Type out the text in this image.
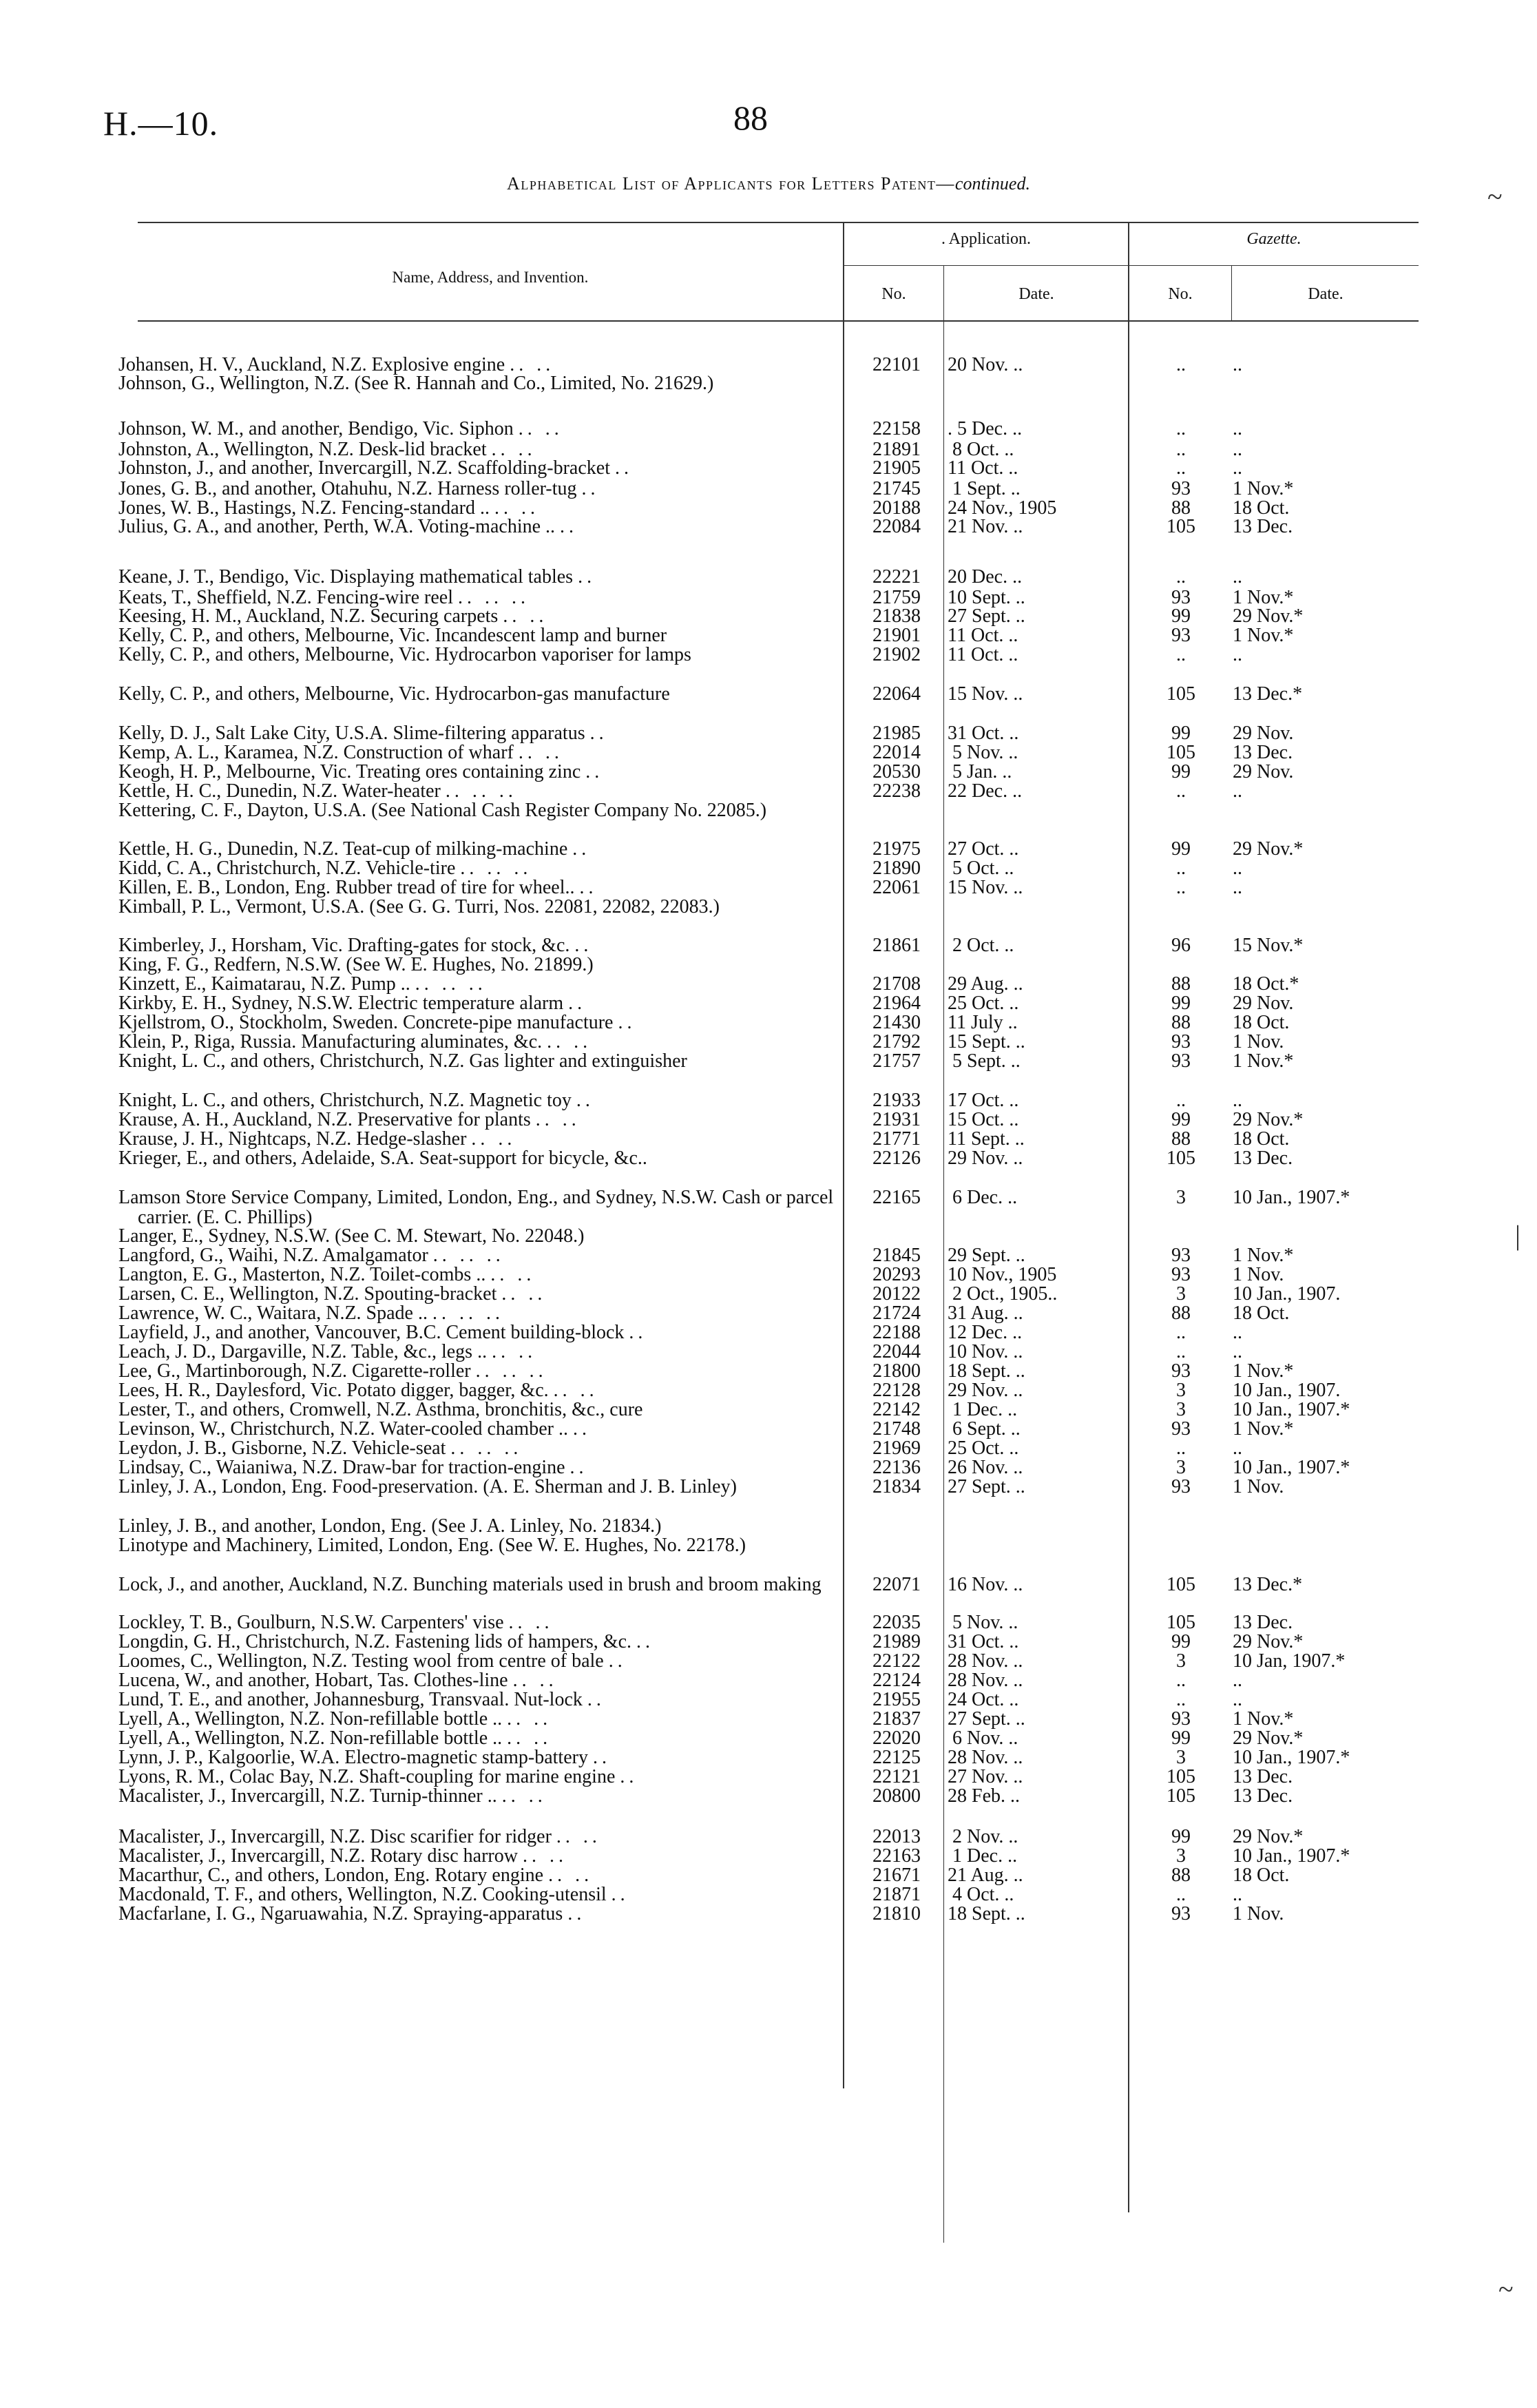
H.—10.	88
Alphabetical List of Applicants for Letters Patent—continued.
Name, Address, and Invention.
. Application.	Gazette.
No.	Date.	No.	Date.
Johansen, H. V., Auckland, N.Z. Explosive engine .. ..	22101	20 Nov. ..	..	..
Johnson, G., Wellington, N.Z. (See R. Hannah and Co., Limited, No. 21629.)
Johnson, W. M., and another, Bendigo, Vic. Siphon .. ..	22158	. 5 Dec. ..	..	..
Johnston, A., Wellington, N.Z. Desk-lid bracket .. ..	21891	8 Oct. ..	..	..
Johnston, J., and another, Invercargill, N.Z. Scaffolding-bracket ..	21905	11 Oct. ..	..	..
Jones, G. B., and another, Otahuhu, N.Z. Harness roller-tug ..	21745	1 Sept. ..	93	1 Nov.*
Jones, W. B., Hastings, N.Z. Fencing-standard .. .. ..	20188	24 Nov., 1905	88	18 Oct.
Julius, G. A., and another, Perth, W.A. Voting-machine .. ..	22084	21 Nov. ..	105	13 Dec.
Keane, J. T., Bendigo, Vic. Displaying mathematical tables ..	22221	20 Dec. ..	..	..
Keats, T., Sheffield, N.Z. Fencing-wire reel .. .. ..	21759	10 Sept. ..	93	1 Nov.*
Keesing, H. M., Auckland, N.Z. Securing carpets .. ..	21838	27 Sept. ..	99	29 Nov.*
Kelly, C. P., and others, Melbourne, Vic. Incandescent lamp and burner	21901	11 Oct. ..	93	1 Nov.*
Kelly, C. P., and others, Melbourne, Vic. Hydrocarbon vaporiser for lamps	21902	11 Oct. ..	..	..
Kelly, C. P., and others, Melbourne, Vic. Hydrocarbon-gas manufacture	22064	15 Nov. ..	105	13 Dec.*
Kelly, D. J., Salt Lake City, U.S.A. Slime-filtering apparatus ..	21985	31 Oct. ..	99	29 Nov.
Kemp, A. L., Karamea, N.Z. Construction of wharf .. ..	22014	5 Nov. ..	105	13 Dec.
Keogh, H. P., Melbourne, Vic. Treating ores containing zinc ..	20530	5 Jan. ..	99	29 Nov.
Kettle, H. C., Dunedin, N.Z. Water-heater .. .. ..	22238	22 Dec. ..	..	..
Kettering, C. F., Dayton, U.S.A. (See National Cash Register Company No. 22085.)
Kettle, H. G., Dunedin, N.Z. Teat-cup of milking-machine ..	21975	27 Oct. ..	99	29 Nov.*
Kidd, C. A., Christchurch, N.Z. Vehicle-tire .. .. ..	21890	5 Oct. ..	..	..
Killen, E. B., London, Eng. Rubber tread of tire for wheel.. ..	22061	15 Nov. ..	..	..
Kimball, P. L., Vermont, U.S.A. (See G. G. Turri, Nos. 22081, 22082, 22083.)
Kimberley, J., Horsham, Vic. Drafting-gates for stock, &c. ..	21861	2 Oct. ..	96	15 Nov.*
King, F. G., Redfern, N.S.W. (See W. E. Hughes, No. 21899.)
Kinzett, E., Kaimatarau, N.Z. Pump .. .. .. ..	21708	29 Aug. ..	88	18 Oct.*
Kirkby, E. H., Sydney, N.S.W. Electric temperature alarm ..	21964	25 Oct. ..	99	29 Nov.
Kjellstrom, O., Stockholm, Sweden. Concrete-pipe manufacture ..	21430	11 July ..	88	18 Oct.
Klein, P., Riga, Russia. Manufacturing aluminates, &c. .. ..	21792	15 Sept. ..	93	1 Nov.
Knight, L. C., and others, Christchurch, N.Z. Gas lighter and extinguisher	21757	5 Sept. ..	93	1 Nov.*
Knight, L. C., and others, Christchurch, N.Z. Magnetic toy ..	21933	17 Oct. ..	..	..
Krause, A. H., Auckland, N.Z. Preservative for plants .. ..	21931	15 Oct. ..	99	29 Nov.*
Krause, J. H., Nightcaps, N.Z. Hedge-slasher .. ..	21771	11 Sept. ..	88	18 Oct.
Krieger, E., and others, Adelaide, S.A. Seat-support for bicycle, &c..	22126	29 Nov. ..	105	13 Dec.
Lamson Store Service Company, Limited, London, Eng., and Sydney, N.S.W. Cash or parcel carrier. (E. C. Phillips)
22165	6 Dec. ..	3	10 Jan., 1907.*
Langer, E., Sydney, N.S.W. (See C. M. Stewart, No. 22048.)
Langford, G., Waihi, N.Z. Amalgamator .. .. ..	21845	29 Sept. ..	93	1 Nov.*
Langton, E. G., Masterton, N.Z. Toilet-combs .. .. ..	20293	10 Nov., 1905	93	1 Nov.
Larsen, C. E., Wellington, N.Z. Spouting-bracket .. ..	20122	2 Oct., 1905..	3	10 Jan., 1907.
Lawrence, W. C., Waitara, N.Z. Spade .. .. .. ..	21724	31 Aug. ..	88	18 Oct.
Layfield, J., and another, Vancouver, B.C. Cement building-block ..	22188	12 Dec. ..	..	..
Leach, J. D., Dargaville, N.Z. Table, &c., legs .. .. ..	22044	10 Nov. ..	..	..
Lee, G., Martinborough, N.Z. Cigarette-roller .. .. ..	21800	18 Sept. ..	93	1 Nov.*
Lees, H. R., Daylesford, Vic. Potato digger, bagger, &c. .. ..	22128	29 Nov. ..	3	10 Jan., 1907.
Lester, T., and others, Cromwell, N.Z. Asthma, bronchitis, &c., cure	22142	1 Dec. ..	3	10 Jan., 1907.*
Levinson, W., Christchurch, N.Z. Water-cooled chamber .. ..	21748	6 Sept. ..	93	1 Nov.*
Leydon, J. B., Gisborne, N.Z. Vehicle-seat .. .. ..	21969	25 Oct. ..	..	..
Lindsay, C., Waianiwa, N.Z. Draw-bar for traction-engine ..	22136	26 Nov. ..	3	10 Jan., 1907.*
Linley, J. A., London, Eng. Food-preservation. (A. E. Sherman and J. B. Linley)	21834	27 Sept. ..	93	1 Nov.
Linley, J. B., and another, London, Eng. (See J. A. Linley, No. 21834.)
Linotype and Machinery, Limited, London, Eng. (See W. E. Hughes, No. 22178.)
Lock, J., and another, Auckland, N.Z. Bunching materials used in brush and broom making	22071	16 Nov. ..	105	13 Dec.*
Lockley, T. B., Goulburn, N.S.W. Carpenters' vise .. ..	22035	5 Nov. ..	105	13 Dec.
Longdin, G. H., Christchurch, N.Z. Fastening lids of hampers, &c. ..	21989	31 Oct. ..	99	29 Nov.*
Loomes, C., Wellington, N.Z. Testing wool from centre of bale ..	22122	28 Nov. ..	3	10 Jan, 1907.*
Lucena, W., and another, Hobart, Tas. Clothes-line .. ..	22124	28 Nov. ..	..	..
Lund, T. E., and another, Johannesburg, Transvaal. Nut-lock ..	21955	24 Oct. ..	..	..
Lyell, A., Wellington, N.Z. Non-refillable bottle .. .. ..	21837	27 Sept. ..	93	1 Nov.*
Lyell, A., Wellington, N.Z. Non-refillable bottle .. .. ..	22020	6 Nov. ..	99	29 Nov.*
Lynn, J. P., Kalgoorlie, W.A. Electro-magnetic stamp-battery ..	22125	28 Nov. ..	3	10 Jan., 1907.*
Lyons, R. M., Colac Bay, N.Z. Shaft-coupling for marine engine ..	22121	27 Nov. ..	105	13 Dec.
Macalister, J., Invercargill, N.Z. Turnip-thinner .. .. ..	20800	28 Feb. ..	105	13 Dec.
Macalister, J., Invercargill, N.Z. Disc scarifier for ridger .. ..	22013	2 Nov. ..	99	29 Nov.*
Macalister, J., Invercargill, N.Z. Rotary disc harrow .. ..	22163	1 Dec. ..	3	10 Jan., 1907.*
Macarthur, C., and others, London, Eng. Rotary engine .. ..	21671	21 Aug. ..	88	18 Oct.
Macdonald, T. F., and others, Wellington, N.Z. Cooking-utensil ..	21871	4 Oct. ..	..	..
Macfarlane, I. G., Ngaruawahia, N.Z. Spraying-apparatus ..	21810	18 Sept. ..	93	1 Nov.
~
|
~
